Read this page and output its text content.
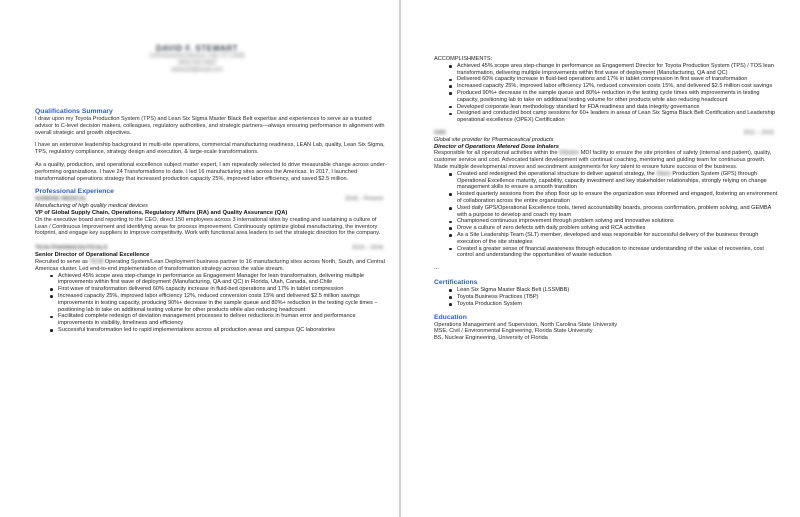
DAVID F. STEWART
1234 Anystreet Avenue, City, ST 12345
(555) 555-5555
dstewart@email.com
Qualifications Summary

I draw upon my Toyota Production System (TPS) and Lean Six Sigma Master Black Belt expertise and experiences to serve as a trusted advisor to C-level decision makers, colleagues, regulatory authorities, and strategic partners—always ensuring performance in alignment with overall strategic and growth objectives.

I have an extensive leadership background in multi-site operations, commercial manufacturing readiness, LEAN Lab, quality, Lean Six Sigma, TPS, regulatory compliance, strategy design and execution, & large-scale transformations.

As a quality, production, and operational excellence subject matter expert, I am repeatedly selected to drive measurable change across under-performing organizations. I have 24 Transformations to date. I led 16 manufacturing sites across the Americas. In 2017, I launched transformational operations strategy that increased production capacity 25%, improved labor efficiency, and saved $2.5 million.

Professional Experience
SUNRISE MEDICAL	2018 – Present
Manufacturing of high quality medical devices
VP of Global Supply Chain, Operations, Regulatory Affairs (RA) and Quality Assurance (QA)

On the executive board and reporting to the CEO, direct 150 employees across 3 international sites by creating and sustaining a culture of Lean / Continuous Improvement and identifying areas for process improvement. Continuously optimize global manufacturing, the inventory footprint, and engage key suppliers to improve competitivity. Work with functional area leaders to set the strategic direction for the company.

TEVA PHARMACEUTICALS	2016 – 2018
Senior Director of Operational Excellence

Recruited to serve as TEVA Operating System/Lean Deployment business partner to 16 manufacturing sites across North, South, and Central Americas cluster. Led end-to-end implementation of transformation strategy across the value stream.

Achieved 45% scope area step-change in performance as Engagement Manager for lean transformation, delivering multiple improvements within first wave of deployment (Manufacturing, QA and QC) in Florida, Utah, Canada, and Chile
First wave of transformation delivered 60% capacity increase in fluid-bed operations and 17% in tablet compression
Increased capacity 25%, improved labor efficiency 12%, reduced conversion costs 15% and delivered $2.5 million savings improvements in testing capacity, producing 90%+ decrease in the sample queue and 80%+ reduction in the testing cycle times – positioning lab to take on additional testing volume for other products while also reducing headcount
Facilitated complete redesign of deviation management processes to deliver reductions in human error and performance improvements in visibility, timeliness and efficiency
Successful transformation led to rapid implementations across all production areas and campus QC laboratories
ACCOMPLISHMENTS:
Achieved 45% scope area step-change in performance as Engagement Director for Toyota Production System (TPS) / TOS lean transformation, delivering multiple improvements within first wave of deployment (Manufacturing, QA and QC)
Delivered 60% capacity increase in fluid-bed operations and 17% in tablet compression in first wave of transformation
Increased capacity 25%, improved labor efficiency 12%, reduced conversion costs 15%, and delivered $2.5 million cost savings
Produced 90%+ decrease in the sample queue and 80%+ reduction in the testing cycle times with improvements in testing capacity, positioning lab to take on additional testing volume for other products while also reducing headcount
Developed corporate lean methodology standard for FDA readiness and data integrity governance
Designed and conducted boot camp sessions for 60+ leaders in areas of Lean Six Sigma Black Belt Certification and Leadership operational excellence (OPEX) Certification
GSK	2011 – 2016
Global site provider for Pharmaceutical products
Director of Operations Metered Dose Inhalers

Responsible for all operational activities within the Zebulon MDI facility to ensure the site priorities of safety (internal and patient), quality, customer service and cost. Advocated talent development with continual coaching, mentoring and guiding team for continuous growth. Made multiple developmental moves and secondment assignments for key talent to ensure future success of the business.

Created and redesigned the operational structure to deliver against strategy, the Glaxo Production System (GPS) through Operational Excellence maturity, capability, capacity investment and key stakeholder relationships, strongly relying on change management skills to ensure a smooth transition
Hosted quarterly sessions from the shop floor up to ensure the organization was informed and engaged, fostering an environment of collaboration across the entire organization
Used daily GPS/Operational Excellence tools, tiered accountability boards, process confirmation, problem solving, and GEMBA with a purpose to develop and coach my team
Championed continuous improvement through problem solving and innovative solutions
Drove a culture of zero defects with daily problem solving and RCA activities
As a Site Leadership Team (SLT) member, developed and was responsible for successful delivery of the business through execution of the site strategies
Created a greater sense of financial awareness through education to increase understanding of the value of recoveries, cost control and understanding the opportunities of waste reduction
...
Certifications
Lean Six Sigma Master Black Belt (LSSMBB)
Toyota Business Practices (TBP)
Toyota Production System
Education

Operations Management and Supervision, North Carolina State University

MSE, Civil / Environmental Engineering, Florida State University

BS, Nuclear Engineering, University of Florida
